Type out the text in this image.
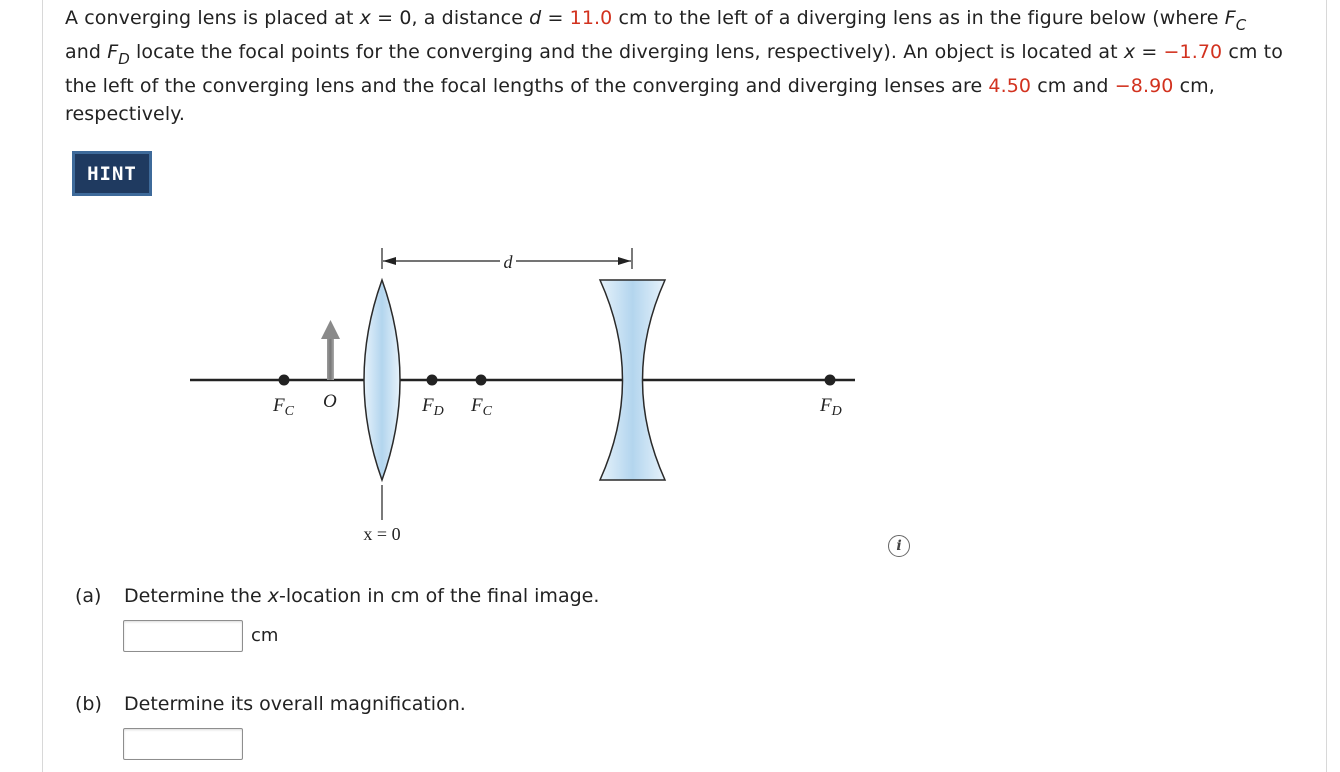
A converging lens is placed at x = 0, a distance d = 11.0 cm to the left of a diverging lens as in the figure below (where $F_C$

and $F_D$ locate the focal points for the converging and the diverging lens, respectively). An object is located at x = −1.70 cm to

the left of the converging lens and the focal lengths of the converging and diverging lenses are 4.50 cm and −8.90 cm,

respectively.

HINT
d
$F_C$ O	$F_D$ $F_C$	$F_D$
x = 0
i
(a) Determine the x-location in cm of the final image.
cm
(b) Determine its overall magnification.
